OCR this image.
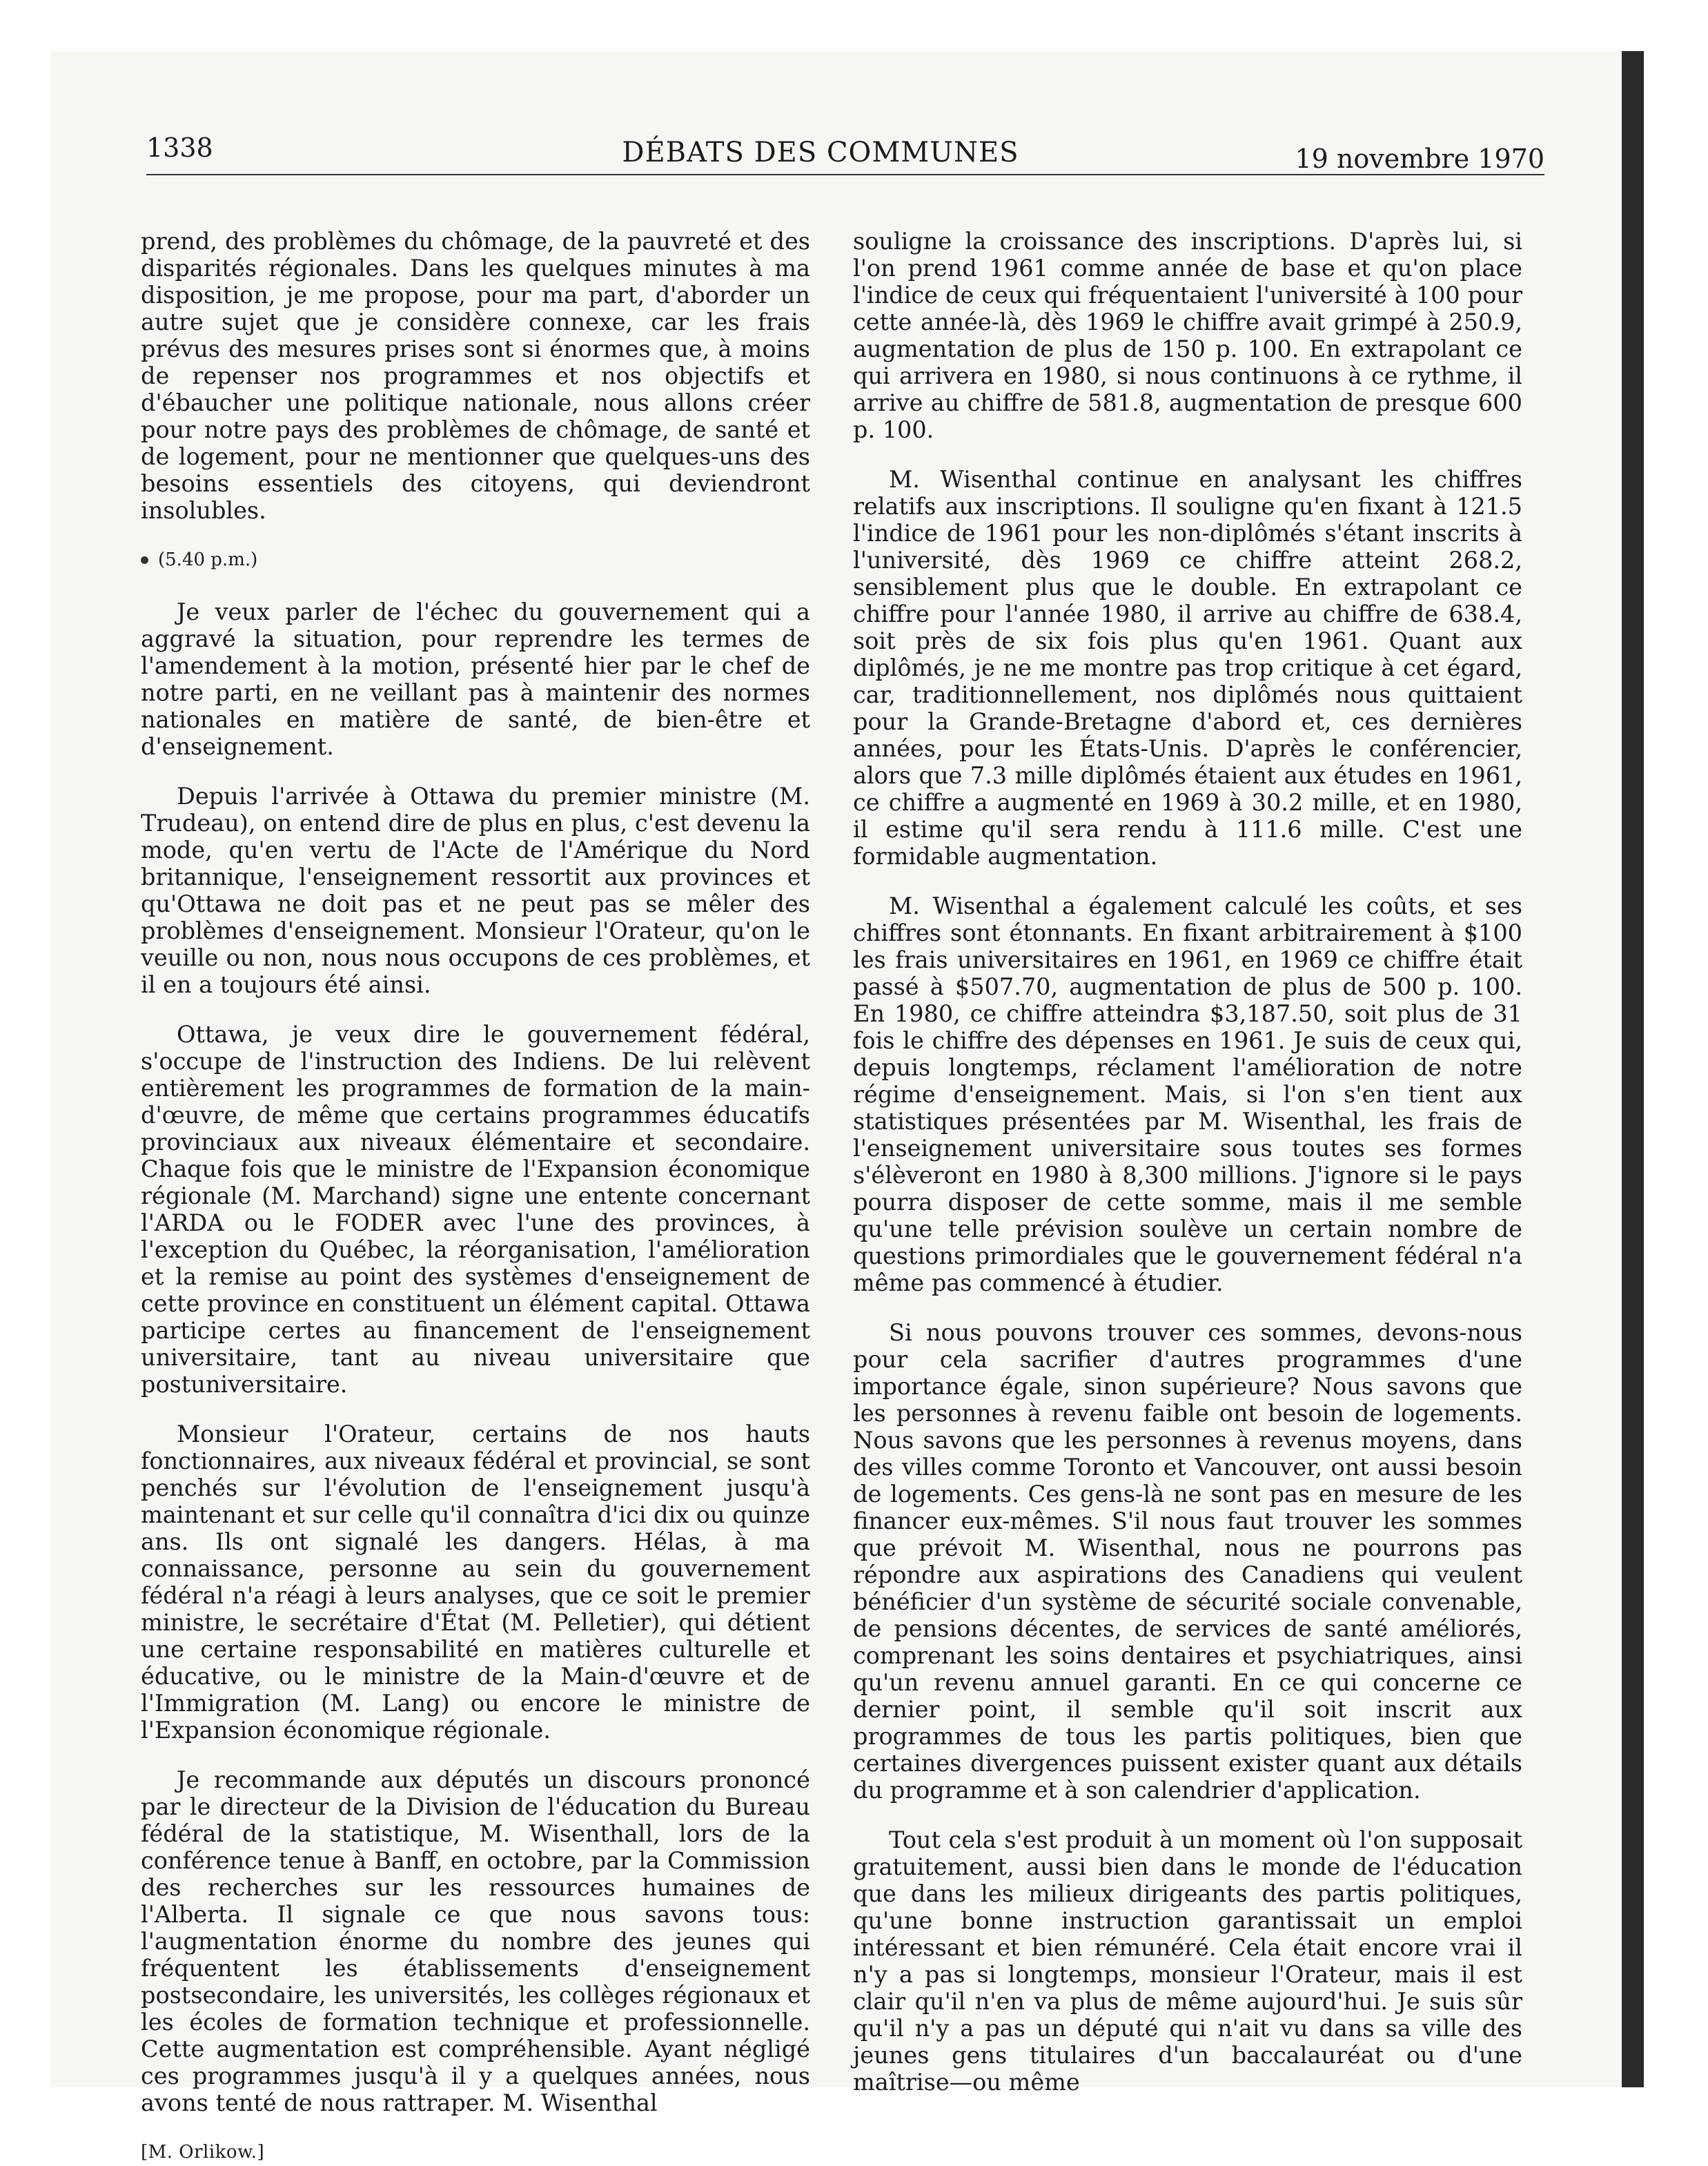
1338	DÉBATS DES COMMUNES	19 novembre 1970

prend, des problèmes du chômage, de la pauvreté et des disparités régionales. Dans les quelques minutes à ma disposition, je me propose, pour ma part, d'aborder un autre sujet que je considère connexe, car les frais prévus des mesures prises sont si énormes que, à moins de repenser nos programmes et nos objectifs et d'ébaucher une politique nationale, nous allons créer pour notre pays des problèmes de chômage, de santé et de logement, pour ne mentionner que quelques-uns des besoins essentiels des citoyens, qui deviendront insolubles.

(5.40 p.m.)

Je veux parler de l'échec du gouvernement qui a aggravé la situation, pour reprendre les termes de l'amendement à la motion, présenté hier par le chef de notre parti, en ne veillant pas à maintenir des normes nationales en matière de santé, de bien-être et d'enseignement.

Depuis l'arrivée à Ottawa du premier ministre (M. Trudeau), on entend dire de plus en plus, c'est devenu la mode, qu'en vertu de l'Acte de l'Amérique du Nord britannique, l'enseignement ressortit aux provinces et qu'Ottawa ne doit pas et ne peut pas se mêler des problèmes d'enseignement. Monsieur l'Orateur, qu'on le veuille ou non, nous nous occupons de ces problèmes, et il en a toujours été ainsi.

Ottawa, je veux dire le gouvernement fédéral, s'occupe de l'instruction des Indiens. De lui relèvent entièrement les programmes de formation de la main-d'œuvre, de même que certains programmes éducatifs provinciaux aux niveaux élémentaire et secondaire. Chaque fois que le ministre de l'Expansion économique régionale (M. Marchand) signe une entente concernant l'ARDA ou le FODER avec l'une des provinces, à l'exception du Québec, la réorganisation, l'amélioration et la remise au point des systèmes d'enseignement de cette province en constituent un élément capital. Ottawa participe certes au financement de l'enseignement universitaire, tant au niveau universitaire que postuniversitaire.

Monsieur l'Orateur, certains de nos hauts fonctionnaires, aux niveaux fédéral et provincial, se sont penchés sur l'évolution de l'enseignement jusqu'à maintenant et sur celle qu'il connaîtra d'ici dix ou quinze ans. Ils ont signalé les dangers. Hélas, à ma connaissance, personne au sein du gouvernement fédéral n'a réagi à leurs analyses, que ce soit le premier ministre, le secrétaire d'État (M. Pelletier), qui détient une certaine responsabilité en matières culturelle et éducative, ou le ministre de la Main-d'œuvre et de l'Immigration (M. Lang) ou encore le ministre de l'Expansion économique régionale.

Je recommande aux députés un discours prononcé par le directeur de la Division de l'éducation du Bureau fédéral de la statistique, M. Wisenthall, lors de la conférence tenue à Banff, en octobre, par la Commission des recherches sur les ressources humaines de l'Alberta. Il signale ce que nous savons tous: l'augmentation énorme du nombre des jeunes qui fréquentent les établissements d'enseignement postsecondaire, les universités, les collèges régionaux et les écoles de formation technique et professionnelle. Cette augmentation est compréhensible. Ayant négligé ces programmes jusqu'à il y a quelques années, nous avons tenté de nous rattraper. M. Wisenthal

[M. Orlikow.]

souligne la croissance des inscriptions. D'après lui, si l'on prend 1961 comme année de base et qu'on place l'indice de ceux qui fréquentaient l'université à 100 pour cette année-là, dès 1969 le chiffre avait grimpé à 250.9, augmentation de plus de 150 p. 100. En extrapolant ce qui arrivera en 1980, si nous continuons à ce rythme, il arrive au chiffre de 581.8, augmentation de presque 600 p. 100.

M. Wisenthal continue en analysant les chiffres relatifs aux inscriptions. Il souligne qu'en fixant à 121.5 l'indice de 1961 pour les non-diplômés s'étant inscrits à l'université, dès 1969 ce chiffre atteint 268.2, sensiblement plus que le double. En extrapolant ce chiffre pour l'année 1980, il arrive au chiffre de 638.4, soit près de six fois plus qu'en 1961. Quant aux diplômés, je ne me montre pas trop critique à cet égard, car, traditionnellement, nos diplômés nous quittaient pour la Grande-Bretagne d'abord et, ces dernières années, pour les États-Unis. D'après le conférencier, alors que 7.3 mille diplômés étaient aux études en 1961, ce chiffre a augmenté en 1969 à 30.2 mille, et en 1980, il estime qu'il sera rendu à 111.6 mille. C'est une formidable augmentation.

M. Wisenthal a également calculé les coûts, et ses chiffres sont étonnants. En fixant arbitrairement à $100 les frais universitaires en 1961, en 1969 ce chiffre était passé à $507.70, augmentation de plus de 500 p. 100. En 1980, ce chiffre atteindra $3,187.50, soit plus de 31 fois le chiffre des dépenses en 1961. Je suis de ceux qui, depuis longtemps, réclament l'amélioration de notre régime d'enseignement. Mais, si l'on s'en tient aux statistiques présentées par M. Wisenthal, les frais de l'enseignement universitaire sous toutes ses formes s'élèveront en 1980 à 8,300 millions. J'ignore si le pays pourra disposer de cette somme, mais il me semble qu'une telle prévision soulève un certain nombre de questions primordiales que le gouvernement fédéral n'a même pas commencé à étudier.

Si nous pouvons trouver ces sommes, devons-nous pour cela sacrifier d'autres programmes d'une importance égale, sinon supérieure? Nous savons que les personnes à revenu faible ont besoin de logements. Nous savons que les personnes à revenus moyens, dans des villes comme Toronto et Vancouver, ont aussi besoin de logements. Ces gens-là ne sont pas en mesure de les financer eux-mêmes. S'il nous faut trouver les sommes que prévoit M. Wisenthal, nous ne pourrons pas répondre aux aspirations des Canadiens qui veulent bénéficier d'un système de sécurité sociale convenable, de pensions décentes, de services de santé améliorés, comprenant les soins dentaires et psychiatriques, ainsi qu'un revenu annuel garanti. En ce qui concerne ce dernier point, il semble qu'il soit inscrit aux programmes de tous les partis politiques, bien que certaines divergences puissent exister quant aux détails du programme et à son calendrier d'application.

Tout cela s'est produit à un moment où l'on supposait gratuitement, aussi bien dans le monde de l'éducation que dans les milieux dirigeants des partis politiques, qu'une bonne instruction garantissait un emploi intéressant et bien rémunéré. Cela était encore vrai il n'y a pas si longtemps, monsieur l'Orateur, mais il est clair qu'il n'en va plus de même aujourd'hui. Je suis sûr qu'il n'y a pas un député qui n'ait vu dans sa ville des jeunes gens titulaires d'un baccalauréat ou d'une maîtrise—ou même
